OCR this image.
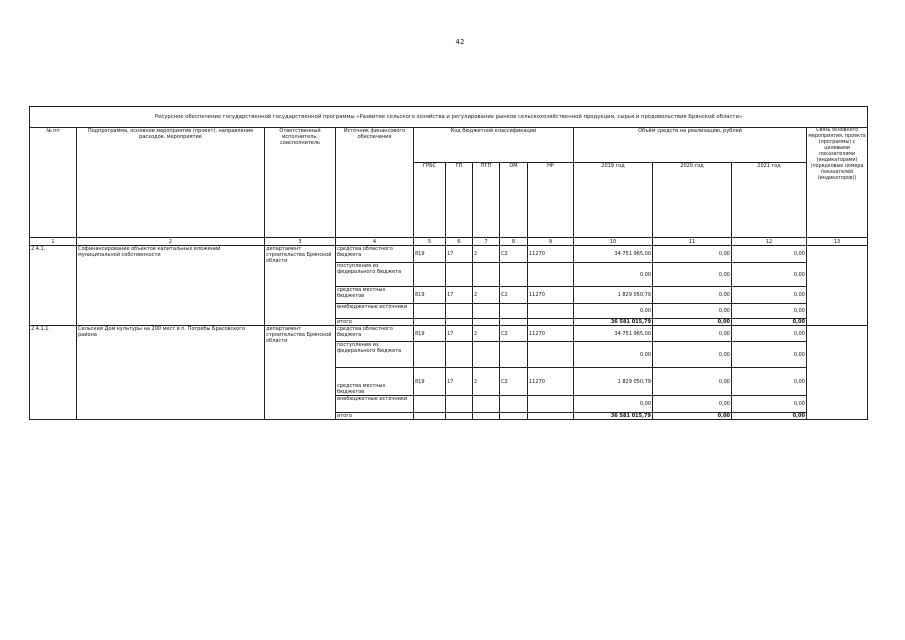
42
Ресурсное обеспечение государственной государственной программы «Развитие сельского хозяйства и регулирование рынков сельскохозяйственной продукции, сырья и продовольствия Брянской области»												
№ пп	Подпрограмма, основное мероприятие (проект), направление расходов, мероприятие	Ответственный исполнитель, соисполнитель	Источник финансового обеспечения	Код бюджетной классификации					Объём средств на реализацию, рублей			Связь основного мероприятия, проекта (программы) с целевыми показателями (индикаторами) (порядковые номера показателей (индикаторов))
				ГРБС	ГП	ПГП	ОМ	НР	2019 год	2020 год	2021 год	
1	2	3	4	5	6	7	8	9	10	11	12	13
2.4.1.	Софинансирование объектов капитальных вложений муниципальной собственности	департамент строительства Брянской области	средства областного бюджета	819	17	2	С2	11270	34 751 965,00	0,00	0,00	
			поступления из федерального бюджета						0,00	0,00	0,00	
			средства местных бюджетов	819	17	2	С2	11270	1 829 050,79	0,00	0,00	
			внебюджетные источники						0,00	0,00	0,00	
			итого						36 581 015,79	0,00	0,00	
2.4.1.1.	Сельский Дом культуры на 200 мест в п. Погребы Брасовского района	департамент строительства Брянской области	средства областного бюджета	819	17	2	С2	11270	34 751 965,00	0,00	0,00	
			поступления из федерального бюджета						0,00	0,00	0,00	
			средства местных бюджетов	819	17	2	С2	11270	1 829 050,79	0,00	0,00	
			внебюджетные источники						0,00	0,00	0,00	
			итого						36 581 015,79	0,00	0,00	
